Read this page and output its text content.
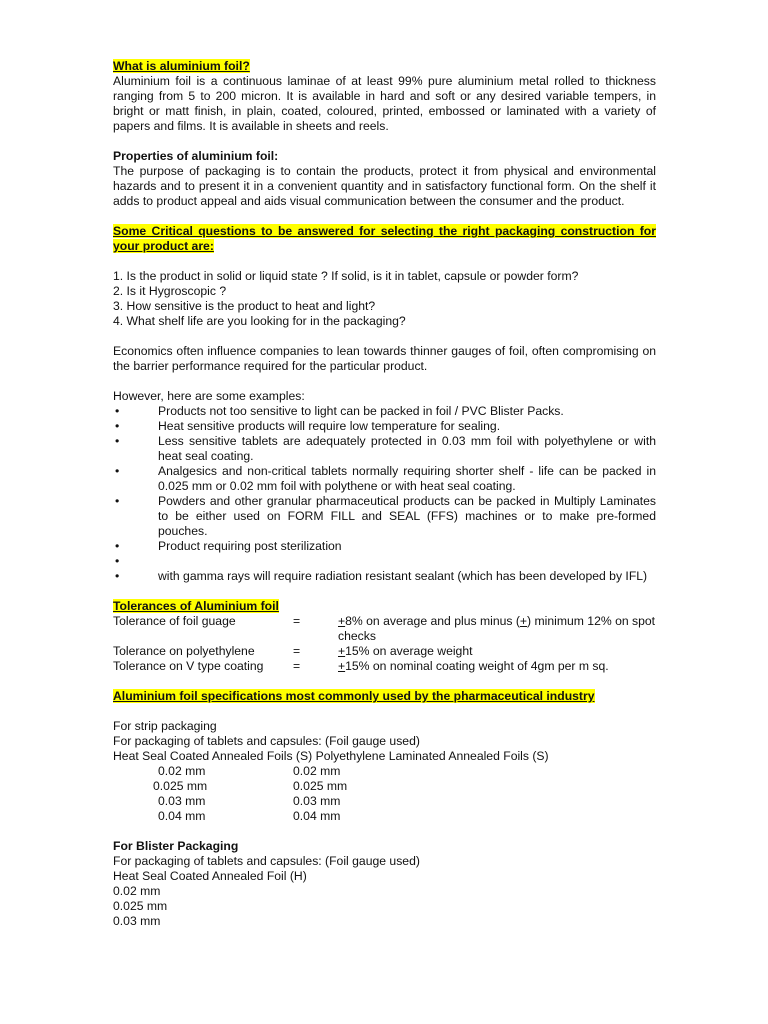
What is aluminium foil?

Aluminium foil is a continuous laminae of at least 99% pure aluminium metal rolled to thickness ranging from 5 to 200 micron. It is available in hard and soft or any desired variable tempers, in bright or matt finish, in plain, coated, coloured, printed, embossed or laminated with a variety of papers and films. It is available in sheets and reels.

Properties of aluminium foil:

The purpose of packaging is to contain the products, protect it from physical and environmental hazards and to present it in a convenient quantity and in satisfactory functional form. On the shelf it adds to product appeal and aids visual communication between the consumer and the product.

Some Critical questions to be answered for selecting the right packaging construction for your product are:

1. Is the product in solid or liquid state ? If solid, is it in tablet, capsule or powder form?

2. Is it Hygroscopic ?

3. How sensitive is the product to heat and light?

4. What shelf life are you looking for in the packaging?

Economics often influence companies to lean towards thinner gauges of foil, often compromising on the barrier performance required for the particular product.

However, here are some examples:

•	Products not too sensitive to light can be packed in foil / PVC Blister Packs.
•	Heat sensitive products will require low temperature for sealing.
•	Less sensitive tablets are adequately protected in 0.03 mm foil with polyethylene or with heat seal coating.
•	Analgesics and non-critical tablets normally requiring shorter shelf - life can be packed in 0.025 mm or 0.02 mm foil with polythene or with heat seal coating.
•	Powders and other granular pharmaceutical products can be packed in Multiply Laminates to be either used on FORM FILL and SEAL (FFS) machines or to make pre-formed pouches.
•	Product requiring post sterilization
•
•	with gamma rays will require radiation resistant sealant (which has been developed by IFL)

Tolerances of Aluminium foil

Tolerance of foil guage	=	+8% on average and plus minus (+) minimum 12% on spot checks
Tolerance on polyethylene	=	+15% on average weight
Tolerance on V type coating	=	+15% on nominal coating weight of 4gm per m sq.

Aluminium foil specifications most commonly used by the pharmaceutical industry

For strip packaging

For packaging of tablets and capsules: (Foil gauge used)

Heat Seal Coated Annealed Foils (S) Polyethylene Laminated Annealed Foils (S)

0.02 mm	0.02 mm
0.025 mm	0.025 mm
0.03 mm	0.03 mm
0.04 mm	0.04 mm

For Blister Packaging

For packaging of tablets and capsules: (Foil gauge used)

Heat Seal Coated Annealed Foil (H)

0.02 mm

0.025 mm

0.03 mm
